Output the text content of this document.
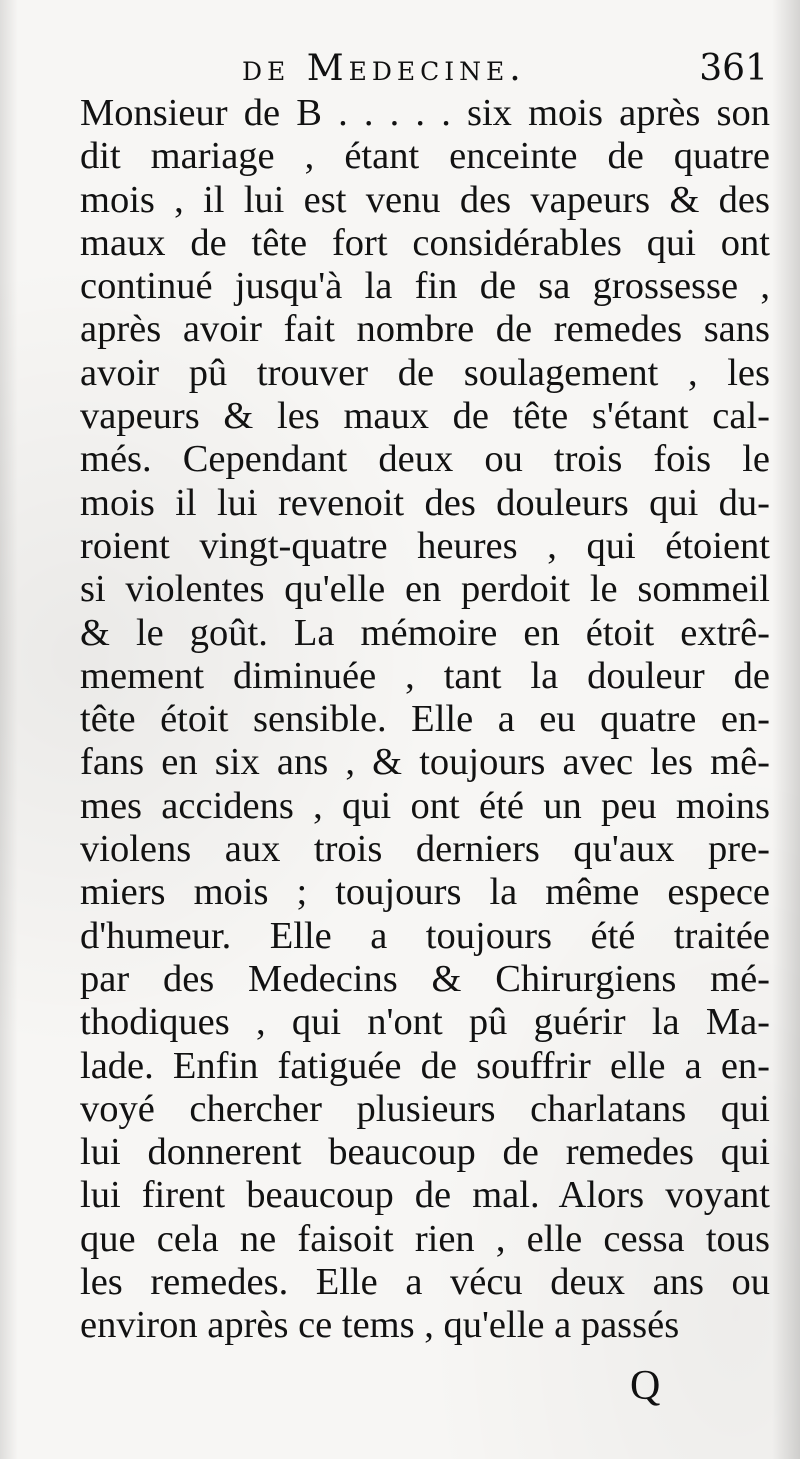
de Medecine.	361
Monsieur de B . . . . . six mois après son
dit mariage , étant enceinte de quatre
mois , il lui est venu des vapeurs & des
maux de tête fort considérables qui ont
continué jusqu'à la fin de sa grossesse ,
après avoir fait nombre de remedes sans
avoir pû trouver de soulagement , les
vapeurs & les maux de tête s'étant cal-
més. Cependant deux ou trois fois le
mois il lui revenoit des douleurs qui du-
roient vingt-quatre heures , qui étoient
si violentes qu'elle en perdoit le sommeil
& le goût. La mémoire en étoit extrê-
mement diminuée , tant la douleur de
tête étoit sensible. Elle a eu quatre en-
fans en six ans , & toujours avec les mê-
mes accidens , qui ont été un peu moins
violens aux trois derniers qu'aux pre-
miers mois ; toujours la même espece
d'humeur. Elle a toujours été traitée
par des Medecins & Chirurgiens mé-
thodiques , qui n'ont pû guérir la Ma-
lade. Enfin fatiguée de souffrir elle a en-
voyé chercher plusieurs charlatans qui
lui donnerent beaucoup de remedes qui
lui firent beaucoup de mal. Alors voyant
que cela ne faisoit rien , elle cessa tous
les remedes. Elle a vécu deux ans ou
environ après ce tems , qu'elle a passés
Q
